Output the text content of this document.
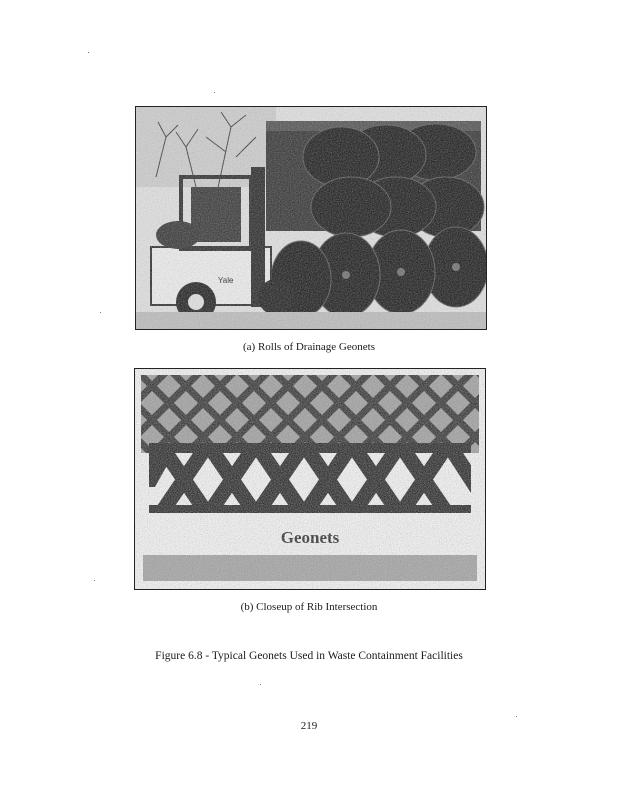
(a) Rolls of Drainage Geonets
(b) Closeup of Rib Intersection
Figure 6.8 - Typical Geonets Used in Waste Containment Facilities
219
